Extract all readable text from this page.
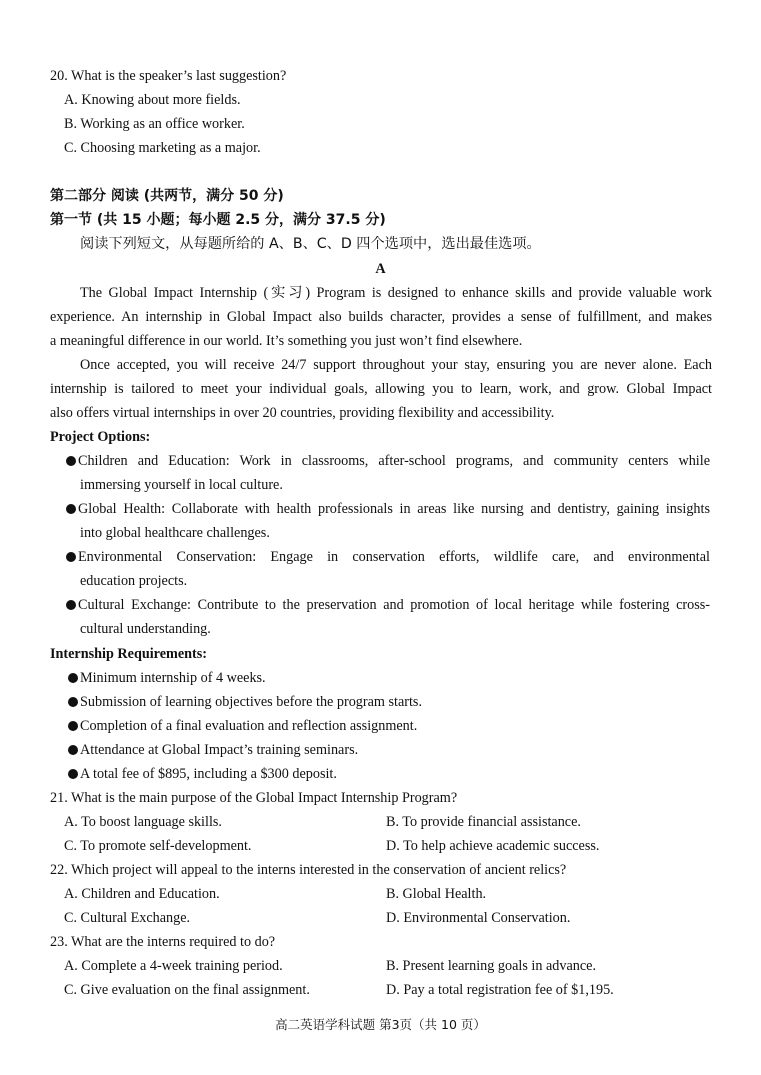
20. What is the speaker’s last suggestion?
A. Knowing about more fields.
B. Working as an office worker.
C. Choosing marketing as a major.
第二部分 阅读 (共两节，满分 50 分)
第一节 (共 15 小题；每小题 2.5 分，满分 37.5 分)
阅读下列短文，从每题所给的 A、B、C、D 四个选项中，选出最佳选项。
A
The Global Impact Internship (实习) Program is designed to enhance skills and provide valuable work
experience. An internship in Global Impact also builds character, provides a sense of fulfillment, and makes
a meaningful difference in our world. It’s something you just won’t find elsewhere.
Once accepted, you will receive 24/7 support throughout your stay, ensuring you are never alone. Each
internship is tailored to meet your individual goals, allowing you to learn, work, and grow. Global Impact
also offers virtual internships in over 20 countries, providing flexibility and accessibility.
Project Options:
Children and Education: Work in classrooms, after-school programs, and community centers while
immersing yourself in local culture.
Global Health: Collaborate with health professionals in areas like nursing and dentistry, gaining insights
into global healthcare challenges.
Environmental Conservation: Engage in conservation efforts, wildlife care, and environmental
education projects.
Cultural Exchange: Contribute to the preservation and promotion of local heritage while fostering cross-
cultural understanding.
Internship Requirements:
Minimum internship of 4 weeks.
Submission of learning objectives before the program starts.
Completion of a final evaluation and reflection assignment.
Attendance at Global Impact’s training seminars.
A total fee of $895, including a $300 deposit.
21. What is the main purpose of the Global Impact Internship Program?
A. To boost language skills.	B. To provide financial assistance.
C. To promote self-development.	D. To help achieve academic success.
22. Which project will appeal to the interns interested in the conservation of ancient relics?
A. Children and Education.	B. Global Health.
C. Cultural Exchange.	D. Environmental Conservation.
23. What are the interns required to do?
A. Complete a 4-week training period.	B. Present learning goals in advance.
C. Give evaluation on the final assignment.	D. Pay a total registration fee of $1,195.
高二英语学科试题 第3页（共 10 页）
